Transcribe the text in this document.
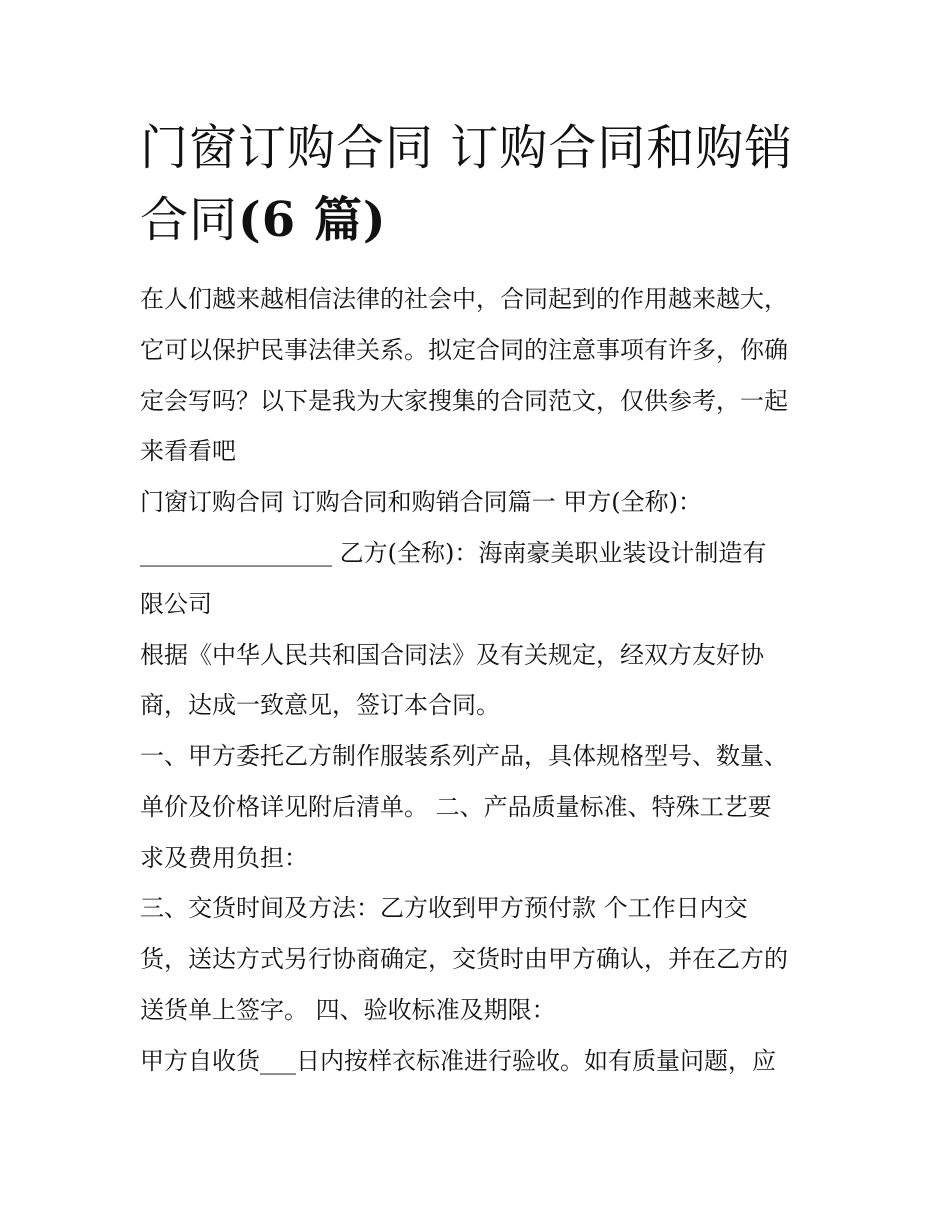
门窗订购合同 订购合同和购销合同(6 篇)

在人们越来越相信法律的社会中，合同起到的作用越来越大，

它可以保护民事法律关系。拟定合同的注意事项有许多，你确

定会写吗？以下是我为大家搜集的合同范文，仅供参考，一起

来看看吧

门窗订购合同 订购合同和购销合同篇一 甲方(全称)：

________________ 乙方(全称)：海南豪美职业装设计制造有

限公司

根据《中华人民共和国合同法》及有关规定，经双方友好协

商，达成一致意见，签订本合同。

一、甲方委托乙方制作服装系列产品，具体规格型号、数量、

单价及价格详见附后清单。 二、产品质量标准、特殊工艺要

求及费用负担：

三、交货时间及方法：乙方收到甲方预付款 个工作日内交

货，送达方式另行协商确定，交货时由甲方确认，并在乙方的

送货单上签字。 四、验收标准及期限：

甲方自收货___日内按样衣标准进行验收。如有质量问题，应
